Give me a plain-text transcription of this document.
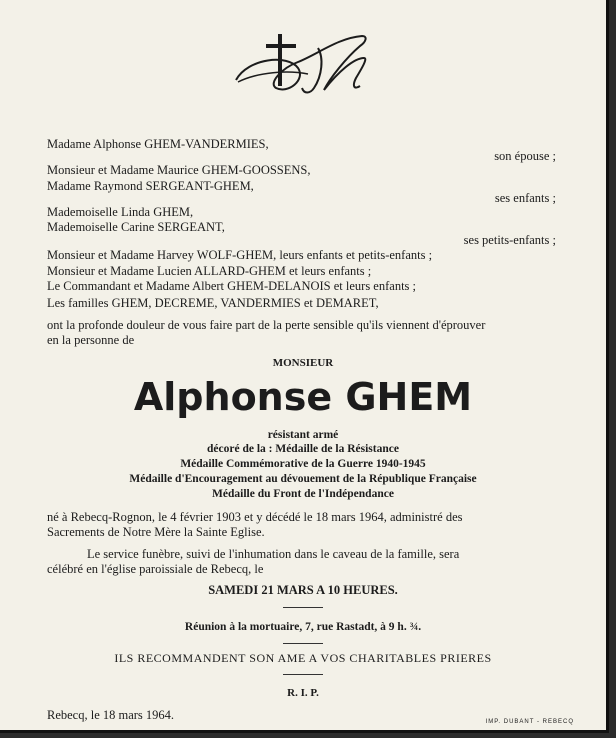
Madame Alphonse GHEM-VANDERMIES,
son épouse ;
Monsieur et Madame Maurice GHEM-GOOSSENS,
Madame Raymond SERGEANT-GHEM,
ses enfants ;
Mademoiselle Linda GHEM,
Mademoiselle Carine SERGEANT,
ses petits-enfants ;
Monsieur et Madame Harvey WOLF-GHEM, leurs enfants et petits-enfants ;
Monsieur et Madame Lucien ALLARD-GHEM et leurs enfants ;
Le Commandant et Madame Albert GHEM-DELANOIS et leurs enfants ;
Les familles GHEM, DECREME, VANDERMIES et DEMARET,
ont la profonde douleur de vous faire part de la perte sensible qu'ils viennent d'éprouver
en la personne de
MONSIEUR
Alphonse GHEM
résistant armé
décoré de la : Médaille de la Résistance
Médaille Commémorative de la Guerre 1940-1945
Médaille d'Encouragement au dévouement de la République Française
Médaille du Front de l'Indépendance
né à Rebecq-Rognon, le 4 février 1903 et y décédé le 18 mars 1964, administré des
Sacrements de Notre Mère la Sainte Eglise.
Le service funèbre, suivi de l'inhumation dans le caveau de la famille, sera
célébré en l'église paroissiale de Rebecq, le
SAMEDI 21 MARS A 10 HEURES.
Réunion à la mortuaire, 7, rue Rastadt, à 9 h. ¾.
ILS RECOMMANDENT SON AME A VOS CHARITABLES PRIERES
R. I. P.
Rebecq, le 18 mars 1964.	IMP. DUBANT - REBECQ
